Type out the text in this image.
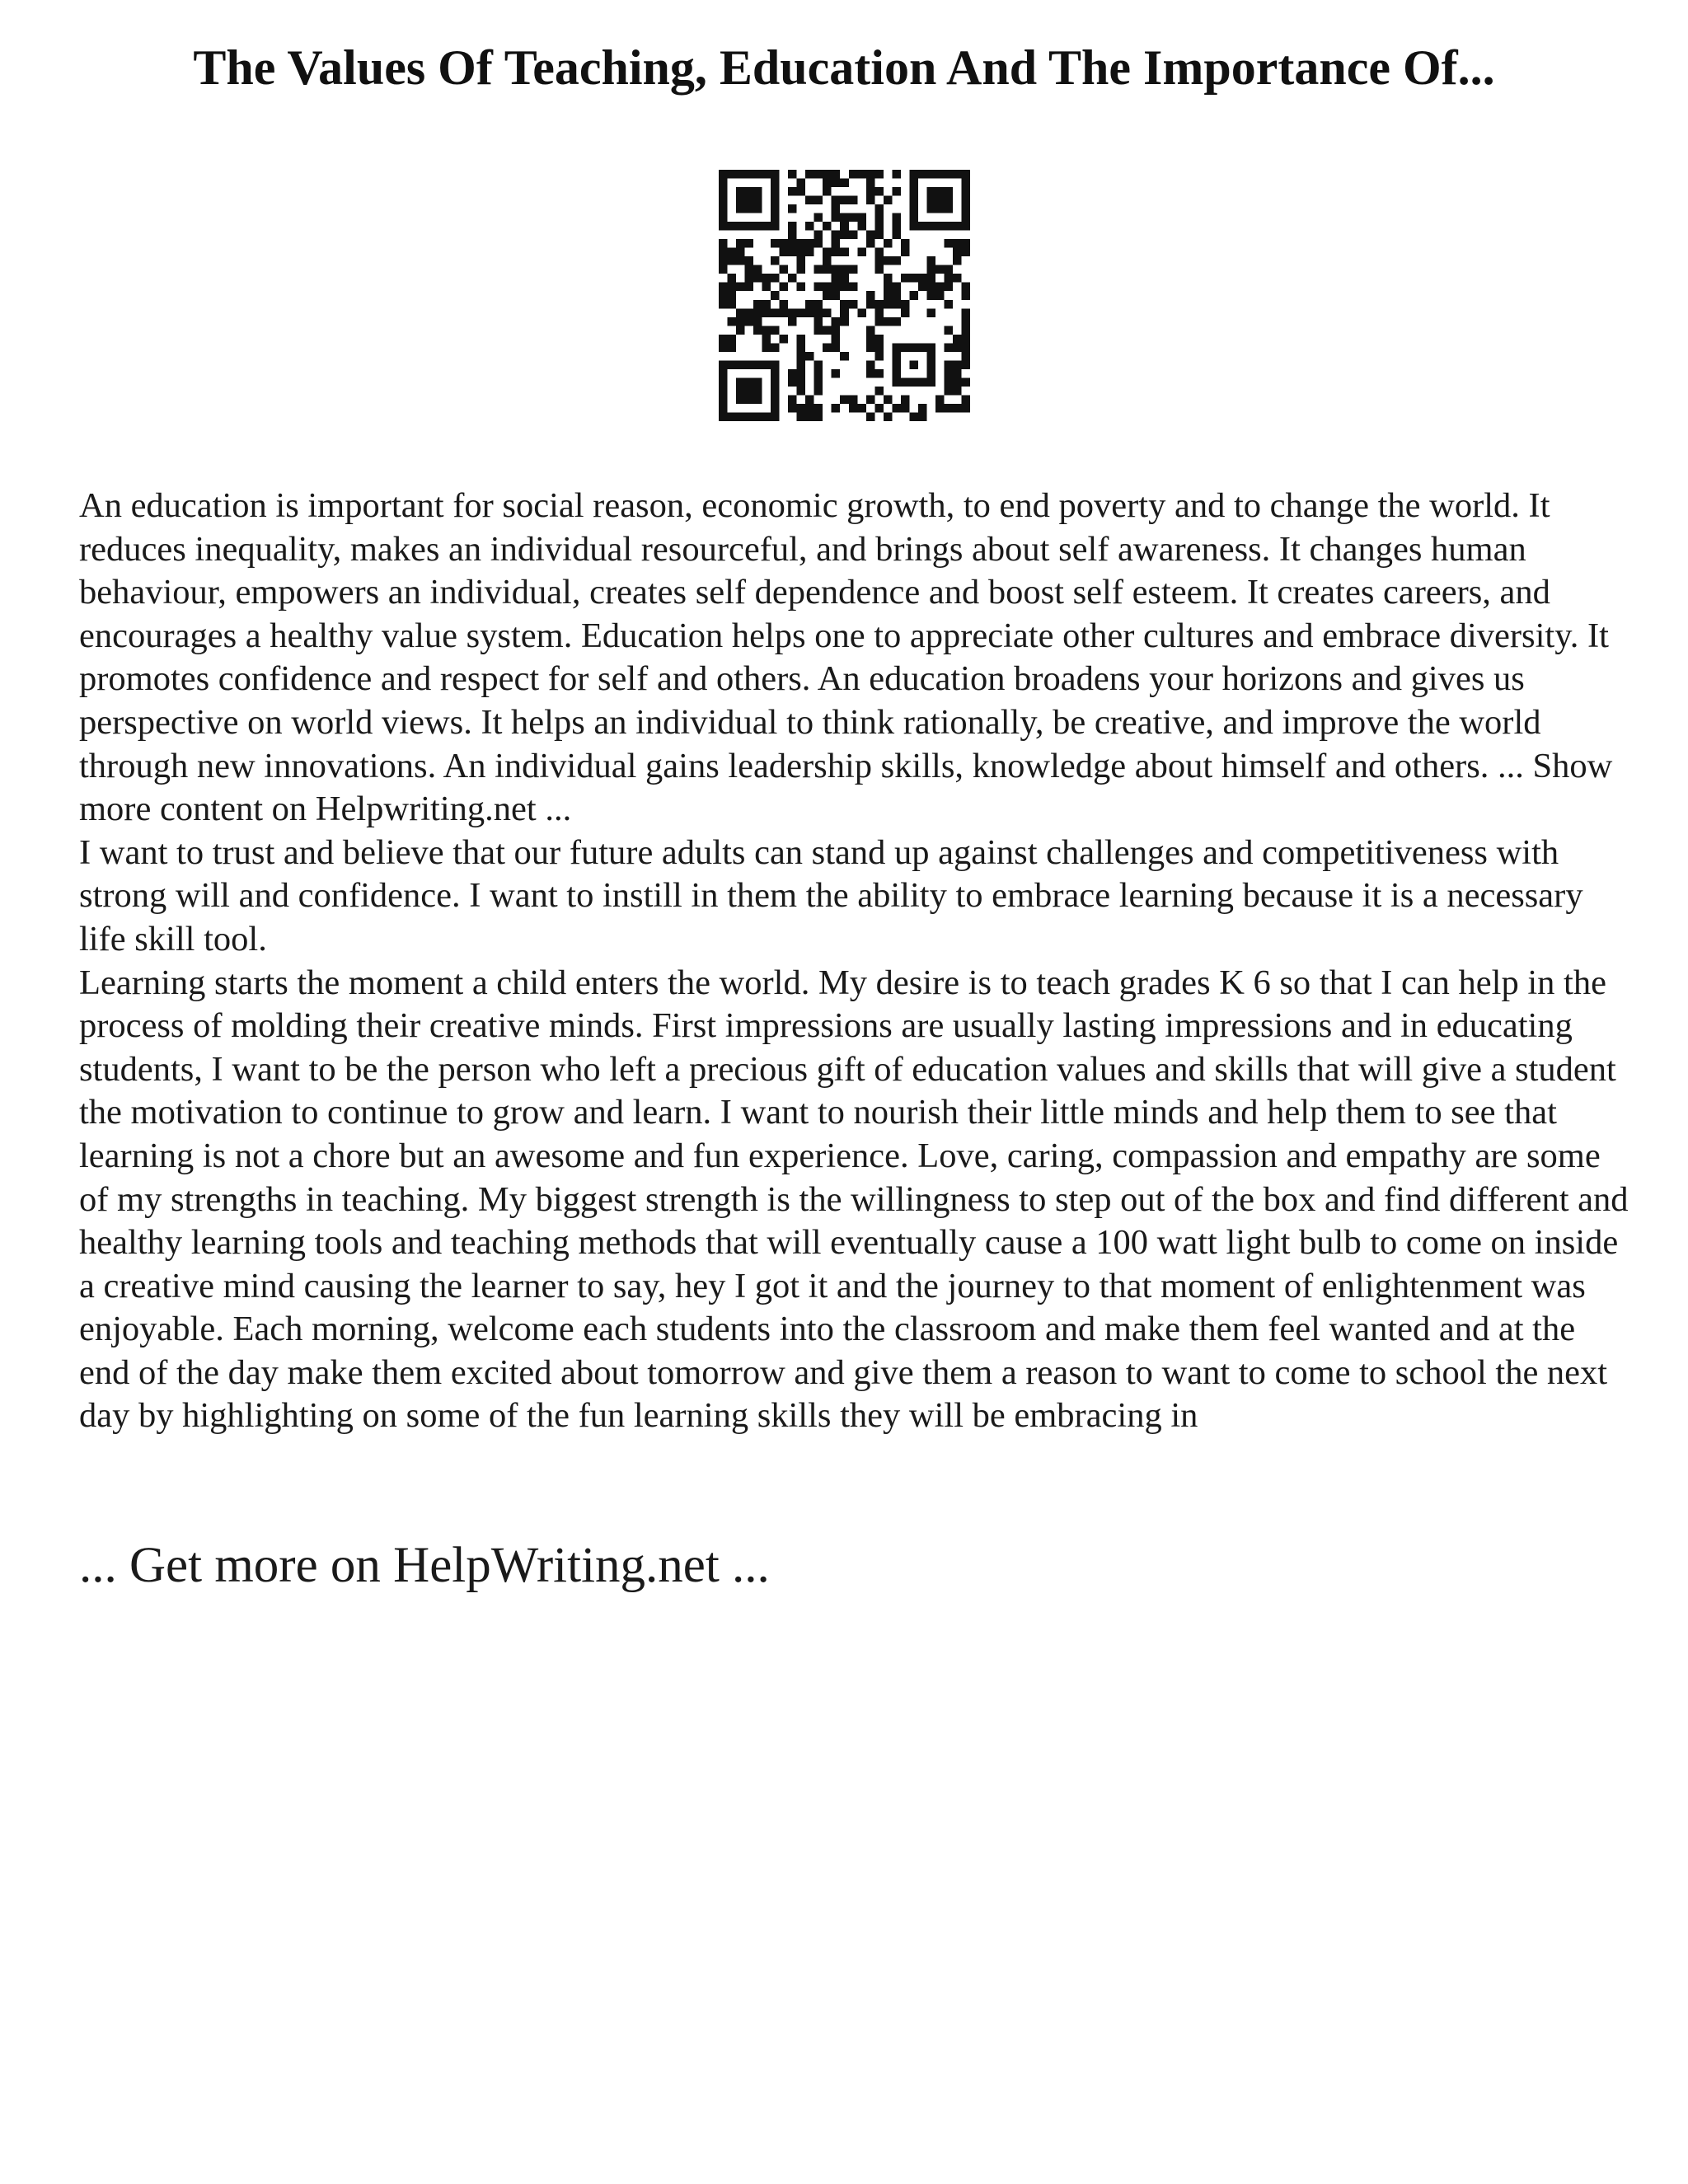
The Values Of Teaching, Education And The Importance Of...

An education is important for social reason, economic growth, to end poverty and to change the world. It reduces inequality, makes an individual resourceful, and brings about self awareness. It changes human behaviour, empowers an individual, creates self dependence and boost self esteem. It creates careers, and encourages a healthy value system. Education helps one to appreciate other cultures and embrace diversity. It promotes confidence and respect for self and others. An education broadens your horizons and gives us perspective on world views. It helps an individual to think rationally, be creative, and improve the world through new innovations. An individual gains leadership skills, knowledge about himself and others. ... Show more content on Helpwriting.net ...

I want to trust and believe that our future adults can stand up against challenges and competitiveness with strong will and confidence. I want to instill in them the ability to embrace learning because it is a necessary life skill tool.

Learning starts the moment a child enters the world. My desire is to teach grades K 6 so that I can help in the process of molding their creative minds. First impressions are usually lasting impressions and in educating students, I want to be the person who left a precious gift of education values and skills that will give a student the motivation to continue to grow and learn. I want to nourish their little minds and help them to see that learning is not a chore but an awesome and fun experience. Love, caring, compassion and empathy are some of my strengths in teaching. My biggest strength is the willingness to step out of the box and find different and healthy learning tools and teaching methods that will eventually cause a 100 watt light bulb to come on inside a creative mind causing the learner to say, hey I got it and the journey to that moment of enlightenment was enjoyable. Each morning, welcome each students into the classroom and make them feel wanted and at the end of the day make them excited about tomorrow and give them a reason to want to come to school the next day by highlighting on some of the fun learning skills they will be embracing in

... Get more on HelpWriting.net ...
